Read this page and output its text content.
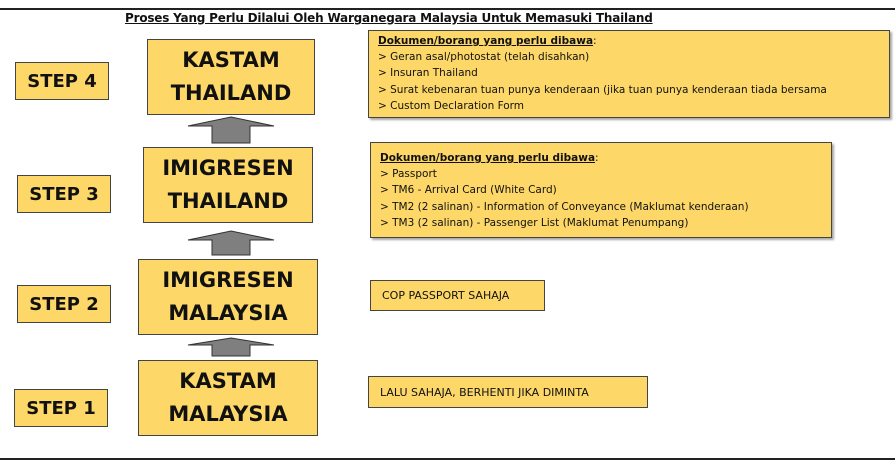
Proses Yang Perlu Dilalui Oleh Warganegara Malaysia Untuk Memasuki Thailand
STEP 4
STEP 3
STEP 2
STEP 1
KASTAM
THAILAND
IMIGRESEN
THAILAND
IMIGRESEN
MALAYSIA
KASTAM
MALAYSIA
Dokumen/borang yang perlu dibawa:
> Geran asal/photostat (telah disahkan)
> Insuran Thailand
> Surat kebenaran tuan punya kenderaan (jika tuan punya kenderaan tiada bersama
> Custom Declaration Form
Dokumen/borang yang perlu dibawa:
> Passport
> TM6 - Arrival Card (White Card)
> TM2 (2 salinan) - Information of Conveyance (Maklumat kenderaan)
> TM3 (2 salinan) - Passenger List (Maklumat Penumpang)
COP PASSPORT SAHAJA
LALU SAHAJA, BERHENTI JIKA DIMINTA
